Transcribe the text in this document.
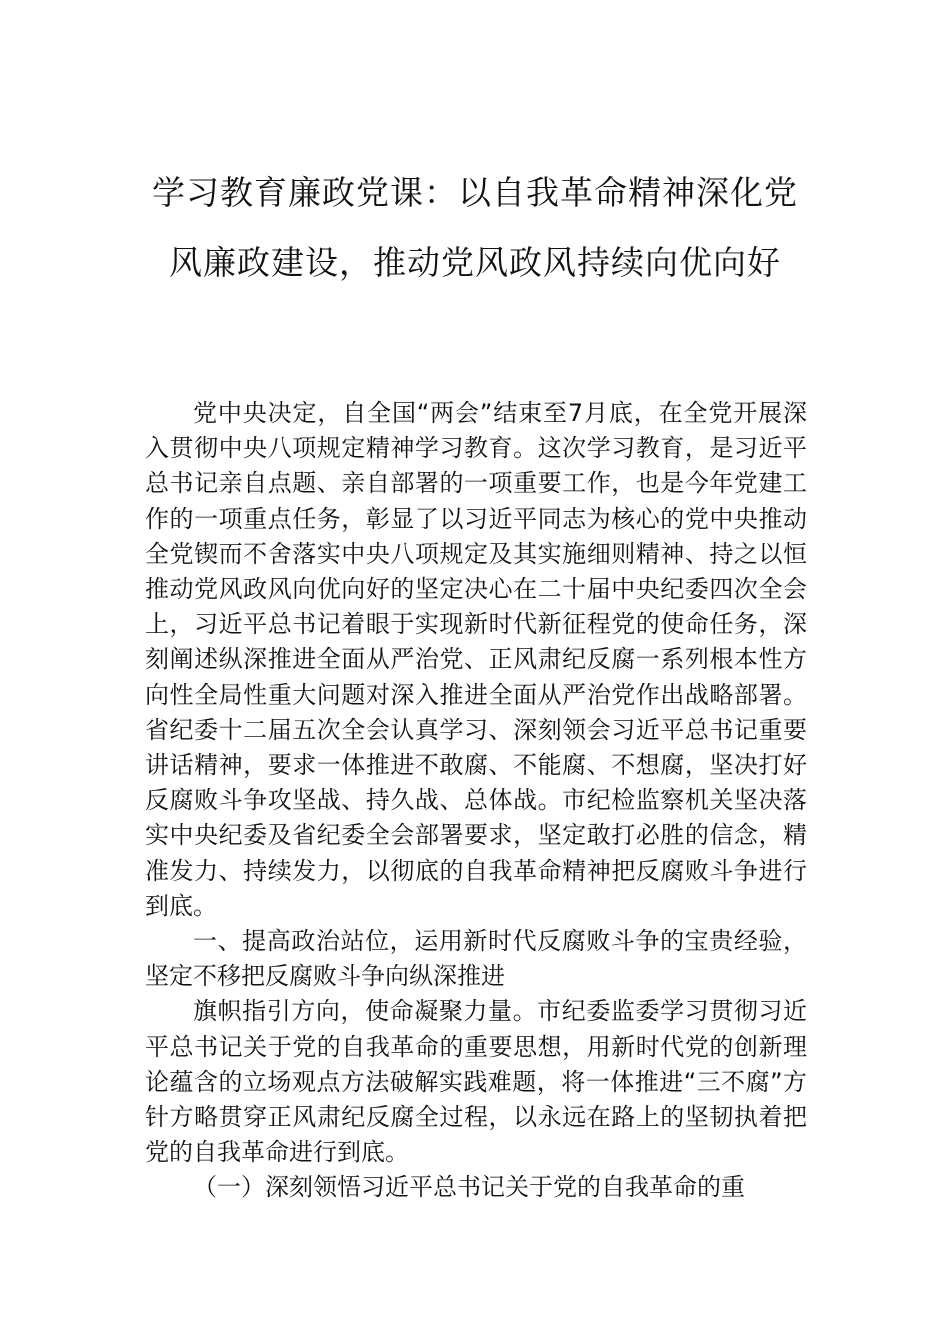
学习教育廉政党课：以自我革命精神深化党风廉政建设，推动党风政风持续向优向好

党中央决定，自全国“两会”结束至7月底，在全党开展深入贯彻中央八项规定精神学习教育。这次学习教育，是习近平总书记亲自点题、亲自部署的一项重要工作，也是今年党建工作的一项重点任务，彰显了以习近平同志为核心的党中央推动全党锲而不舍落实中央八项规定及其实施细则精神、持之以恒推动党风政风向优向好的坚定决心在二十届中央纪委四次全会上，习近平总书记着眼于实现新时代新征程党的使命任务，深刻阐述纵深推进全面从严治党、正风肃纪反腐一系列根本性方向性全局性重大问题对深入推进全面从严治党作出战略部署。省纪委十二届五次全会认真学习、深刻领会习近平总书记重要讲话精神，要求一体推进不敢腐、不能腐、不想腐，坚决打好反腐败斗争攻坚战、持久战、总体战。市纪检监察机关坚决落实中央纪委及省纪委全会部署要求，坚定敢打必胜的信念，精准发力、持续发力，以彻底的自我革命精神把反腐败斗争进行到底。

一、提高政治站位，运用新时代反腐败斗争的宝贵经验，坚定不移把反腐败斗争向纵深推进

旗帜指引方向，使命凝聚力量。市纪委监委学习贯彻习近平总书记关于党的自我革命的重要思想，用新时代党的创新理论蕴含的立场观点方法破解实践难题，将一体推进“三不腐”方针方略贯穿正风肃纪反腐全过程，以永远在路上的坚韧执着把党的自我革命进行到底。

（一）深刻领悟习近平总书记关于党的自我革命的重
